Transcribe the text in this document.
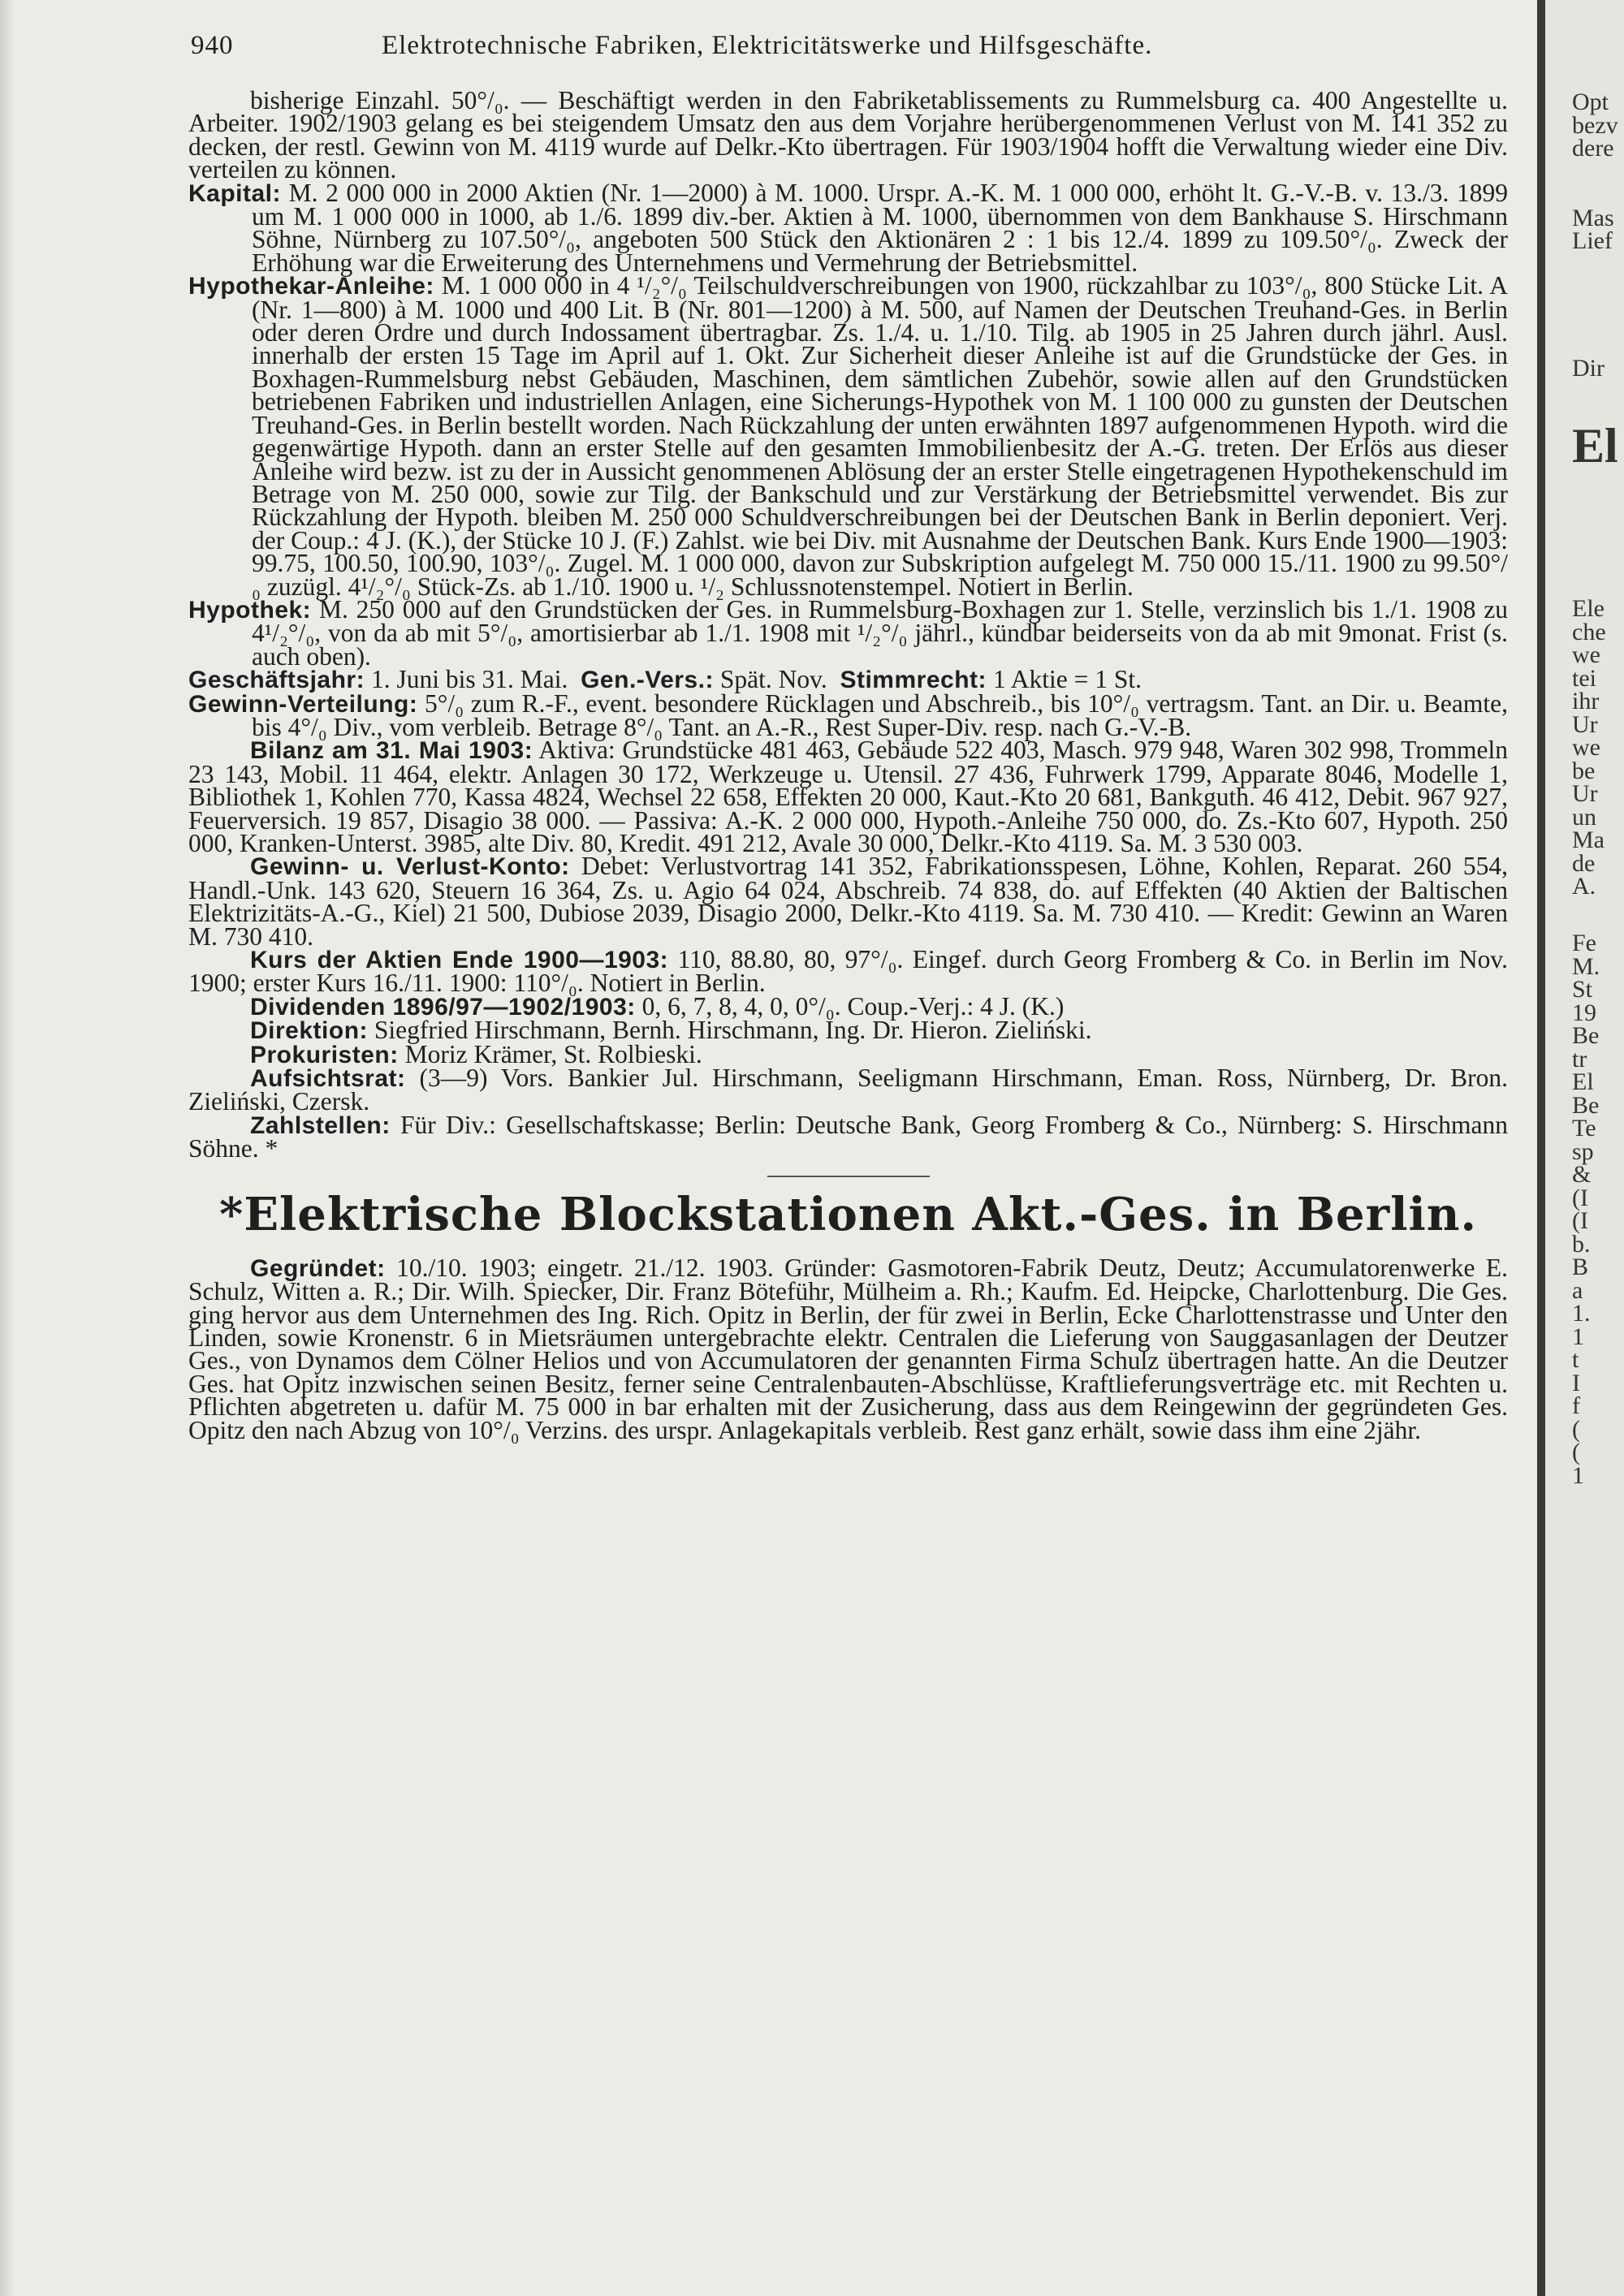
940	Elektrotechnische Fabriken, Elektricitätswerke und Hilfsgeschäfte.

bisherige Einzahl. 50°/₀. — Beschäftigt werden in den Fabriketablissements zu Rummelsburg ca. 400 Angestellte u. Arbeiter. 1902/1903 gelang es bei steigendem Umsatz den aus dem Vorjahre herübergenommenen Verlust von M. 141 352 zu decken, der restl. Gewinn von M. 4119 wurde auf Delkr.-Kto übertragen. Für 1903/1904 hofft die Verwaltung wieder eine Div. verteilen zu können.

Kapital: M. 2 000 000 in 2000 Aktien (Nr. 1—2000) à M. 1000. Urspr. A.-K. M. 1 000 000, erhöht lt. G.-V.-B. v. 13./3. 1899 um M. 1 000 000 in 1000, ab 1./6. 1899 div.-ber. Aktien à M. 1000, übernommen von dem Bankhause S. Hirschmann Söhne, Nürnberg zu 107.50°/₀, angeboten 500 Stück den Aktionären 2 : 1 bis 12./4. 1899 zu 109.50°/₀. Zweck der Erhöhung war die Erweiterung des Unternehmens und Vermehrung der Betriebsmittel.

Hypothekar-Anleihe: M. 1 000 000 in 4 ¹/₂°/₀ Teilschuldverschreibungen von 1900, rückzahlbar zu 103°/₀, 800 Stücke Lit. A (Nr. 1—800) à M. 1000 und 400 Lit. B (Nr. 801—1200) à M. 500, auf Namen der Deutschen Treuhand-Ges. in Berlin oder deren Ordre und durch Indossament übertragbar. Zs. 1./4. u. 1./10. Tilg. ab 1905 in 25 Jahren durch jährl. Ausl. innerhalb der ersten 15 Tage im April auf 1. Okt. Zur Sicherheit dieser Anleihe ist auf die Grundstücke der Ges. in Boxhagen-Rummelsburg nebst Gebäuden, Maschinen, dem sämtlichen Zubehör, sowie allen auf den Grundstücken betriebenen Fabriken und industriellen Anlagen, eine Sicherungs-Hypothek von M. 1 100 000 zu gunsten der Deutschen Treuhand-Ges. in Berlin bestellt worden. Nach Rückzahlung der unten erwähnten 1897 aufgenommenen Hypoth. wird die gegenwärtige Hypoth. dann an erster Stelle auf den gesamten Immobilienbesitz der A.-G. treten. Der Erlös aus dieser Anleihe wird bezw. ist zu der in Aussicht genommenen Ablösung der an erster Stelle eingetragenen Hypothekenschuld im Betrage von M. 250 000, sowie zur Tilg. der Bankschuld und zur Verstärkung der Betriebsmittel verwendet. Bis zur Rückzahlung der Hypoth. bleiben M. 250 000 Schuldverschreibungen bei der Deutschen Bank in Berlin deponiert. Verj. der Coup.: 4 J. (K.), der Stücke 10 J. (F.) Zahlst. wie bei Div. mit Ausnahme der Deutschen Bank. Kurs Ende 1900—1903: 99.75, 100.50, 100.90, 103°/₀. Zugel. M. 1 000 000, davon zur Subskription aufgelegt M. 750 000 15./11. 1900 zu 99.50°/₀ zuzügl. 4¹/₂°/₀ Stück-Zs. ab 1./10. 1900 u. ¹/₂ Schlussnotenstempel. Notiert in Berlin.

Hypothek: M. 250 000 auf den Grundstücken der Ges. in Rummelsburg-Boxhagen zur 1. Stelle, verzinslich bis 1./1. 1908 zu 4¹/₂°/₀, von da ab mit 5°/₀, amortisierbar ab 1./1. 1908 mit ¹/₂°/₀ jährl., kündbar beiderseits von da ab mit 9monat. Frist (s. auch oben).

Geschäftsjahr: 1. Juni bis 31. Mai. Gen.-Vers.: Spät. Nov. Stimmrecht: 1 Aktie = 1 St.

Gewinn-Verteilung: 5°/₀ zum R.-F., event. besondere Rücklagen und Abschreib., bis 10°/₀ vertragsm. Tant. an Dir. u. Beamte, bis 4°/₀ Div., vom verbleib. Betrage 8°/₀ Tant. an A.-R., Rest Super-Div. resp. nach G.-V.-B.

Bilanz am 31. Mai 1903: Aktiva: Grundstücke 481 463, Gebäude 522 403, Masch. 979 948, Waren 302 998, Trommeln 23 143, Mobil. 11 464, elektr. Anlagen 30 172, Werkzeuge u. Utensil. 27 436, Fuhrwerk 1799, Apparate 8046, Modelle 1, Bibliothek 1, Kohlen 770, Kassa 4824, Wechsel 22 658, Effekten 20 000, Kaut.-Kto 20 681, Bankguth. 46 412, Debit. 967 927, Feuerversich. 19 857, Disagio 38 000. — Passiva: A.-K. 2 000 000, Hypoth.-Anleihe 750 000, do. Zs.-Kto 607, Hypoth. 250 000, Kranken-Unterst. 3985, alte Div. 80, Kredit. 491 212, Avale 30 000, Delkr.-Kto 4119. Sa. M. 3 530 003.

Gewinn- u. Verlust-Konto: Debet: Verlustvortrag 141 352, Fabrikationsspesen, Löhne, Kohlen, Reparat. 260 554, Handl.-Unk. 143 620, Steuern 16 364, Zs. u. Agio 64 024, Abschreib. 74 838, do. auf Effekten (40 Aktien der Baltischen Elektrizitäts-A.-G., Kiel) 21 500, Dubiose 2039, Disagio 2000, Delkr.-Kto 4119. Sa. M. 730 410. — Kredit: Gewinn an Waren M. 730 410.

Kurs der Aktien Ende 1900—1903: 110, 88.80, 80, 97°/₀. Eingef. durch Georg Fromberg & Co. in Berlin im Nov. 1900; erster Kurs 16./11. 1900: 110°/₀. Notiert in Berlin.

Dividenden 1896/97—1902/1903: 0, 6, 7, 8, 4, 0, 0°/₀. Coup.-Verj.: 4 J. (K.)

Direktion: Siegfried Hirschmann, Bernh. Hirschmann, Ing. Dr. Hieron. Zieliński.

Prokuristen: Moriz Krämer, St. Rolbieski.

Aufsichtsrat: (3—9) Vors. Bankier Jul. Hirschmann, Seeligmann Hirschmann, Eman. Ross, Nürnberg, Dr. Bron. Zieliński, Czersk.

Zahlstellen: Für Div.: Gesellschaftskasse; Berlin: Deutsche Bank, Georg Fromberg & Co., Nürnberg: S. Hirschmann Söhne. *

*Elektrische Blockstationen Akt.-Ges. in Berlin.

Gegründet: 10./10. 1903; eingetr. 21./12. 1903. Gründer: Gasmotoren-Fabrik Deutz, Deutz; Accumulatorenwerke E. Schulz, Witten a. R.; Dir. Wilh. Spiecker, Dir. Franz Böteführ, Mülheim a. Rh.; Kaufm. Ed. Heipcke, Charlottenburg. Die Ges. ging hervor aus dem Unternehmen des Ing. Rich. Opitz in Berlin, der für zwei in Berlin, Ecke Charlottenstrasse und Unter den Linden, sowie Kronenstr. 6 in Mietsräumen untergebrachte elektr. Centralen die Lieferung von Sauggasanlagen der Deutzer Ges., von Dynamos dem Cölner Helios und von Accumulatoren der genannten Firma Schulz übertragen hatte. An die Deutzer Ges. hat Opitz inzwischen seinen Besitz, ferner seine Centralenbauten-Abschlüsse, Kraftlieferungsverträge etc. mit Rechten u. Pflichten abgetreten u. dafür M. 75 000 in bar erhalten mit der Zusicherung, dass aus dem Reingewinn der gegründeten Ges. Opitz den nach Abzug von 10°/₀ Verzins. des urspr. Anlagekapitals verbleib. Rest ganz erhält, sowie dass ihm eine 2jähr.

Opt
bezv
dere
Mas
Lief
Dir
El
Ele
che
we
tei
ihr
Ur
we
be
Ur
un
Ma
de
A.
Fe
M.
St
19
Be
tr
El
Be
Te
sp
&
(I
(I
b.
B
a
1.
1
t
I
f
(
(
1
